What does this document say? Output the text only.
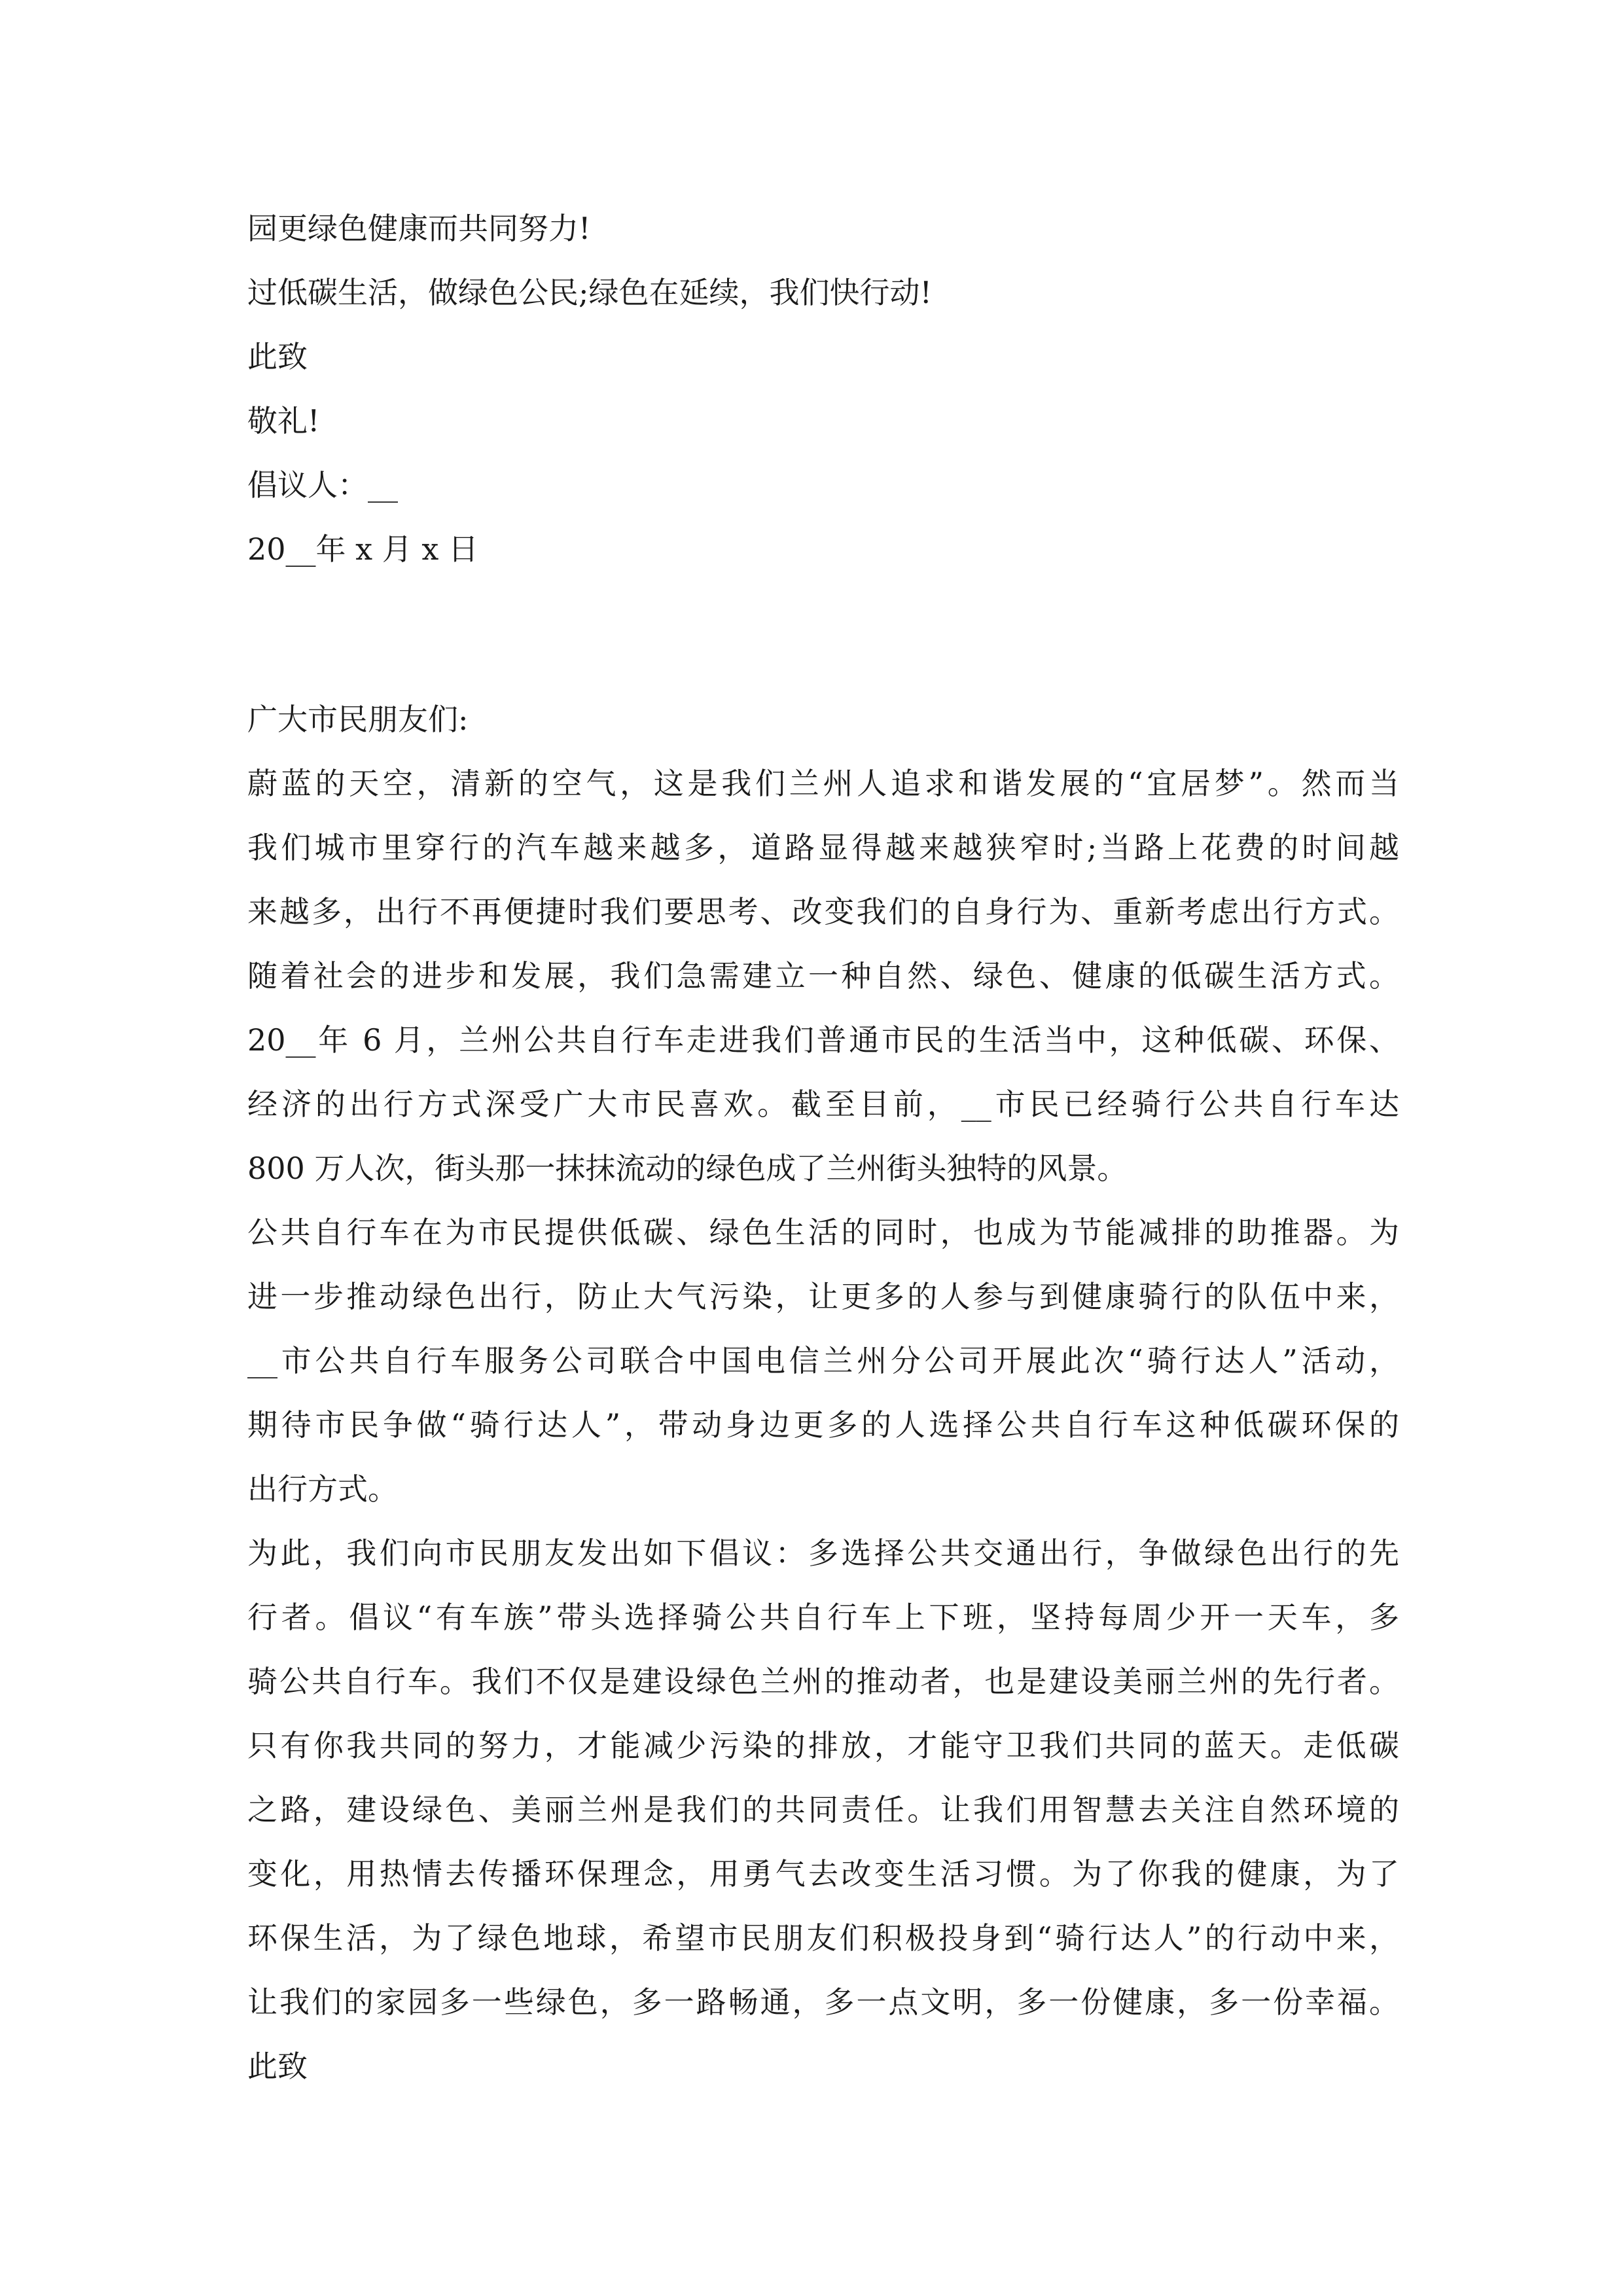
园更绿色健康而共同努力!
过低碳生活，做绿色公民;绿色在延续，我们快行动!
此致
敬礼!
倡议人：__
20__年 x 月 x 日
广大市民朋友们:
蔚蓝的天空，清新的空气，这是我们兰州人追求和谐发展的“宜居梦”。然而当
我们城市里穿行的汽车越来越多，道路显得越来越狭窄时;当路上花费的时间越
来越多，出行不再便捷时我们要思考、改变我们的自身行为、重新考虑出行方式。
随着社会的进步和发展，我们急需建立一种自然、绿色、健康的低碳生活方式。
20__年 6 月，兰州公共自行车走进我们普通市民的生活当中，这种低碳、环保、
经济的出行方式深受广大市民喜欢。截至目前，__市民已经骑行公共自行车达
800 万人次，街头那一抹抹流动的绿色成了兰州街头独特的风景。
公共自行车在为市民提供低碳、绿色生活的同时，也成为节能减排的助推器。为
进一步推动绿色出行，防止大气污染，让更多的人参与到健康骑行的队伍中来，
__市公共自行车服务公司联合中国电信兰州分公司开展此次“骑行达人”活动，
期待市民争做“骑行达人”，带动身边更多的人选择公共自行车这种低碳环保的
出行方式。
为此，我们向市民朋友发出如下倡议：多选择公共交通出行，争做绿色出行的先
行者。倡议“有车族”带头选择骑公共自行车上下班，坚持每周少开一天车，多
骑公共自行车。我们不仅是建设绿色兰州的推动者，也是建设美丽兰州的先行者。
只有你我共同的努力，才能减少污染的排放，才能守卫我们共同的蓝天。走低碳
之路，建设绿色、美丽兰州是我们的共同责任。让我们用智慧去关注自然环境的
变化，用热情去传播环保理念，用勇气去改变生活习惯。为了你我的健康，为了
环保生活，为了绿色地球，希望市民朋友们积极投身到“骑行达人”的行动中来，
让我们的家园多一些绿色，多一路畅通，多一点文明，多一份健康，多一份幸福。
此致
